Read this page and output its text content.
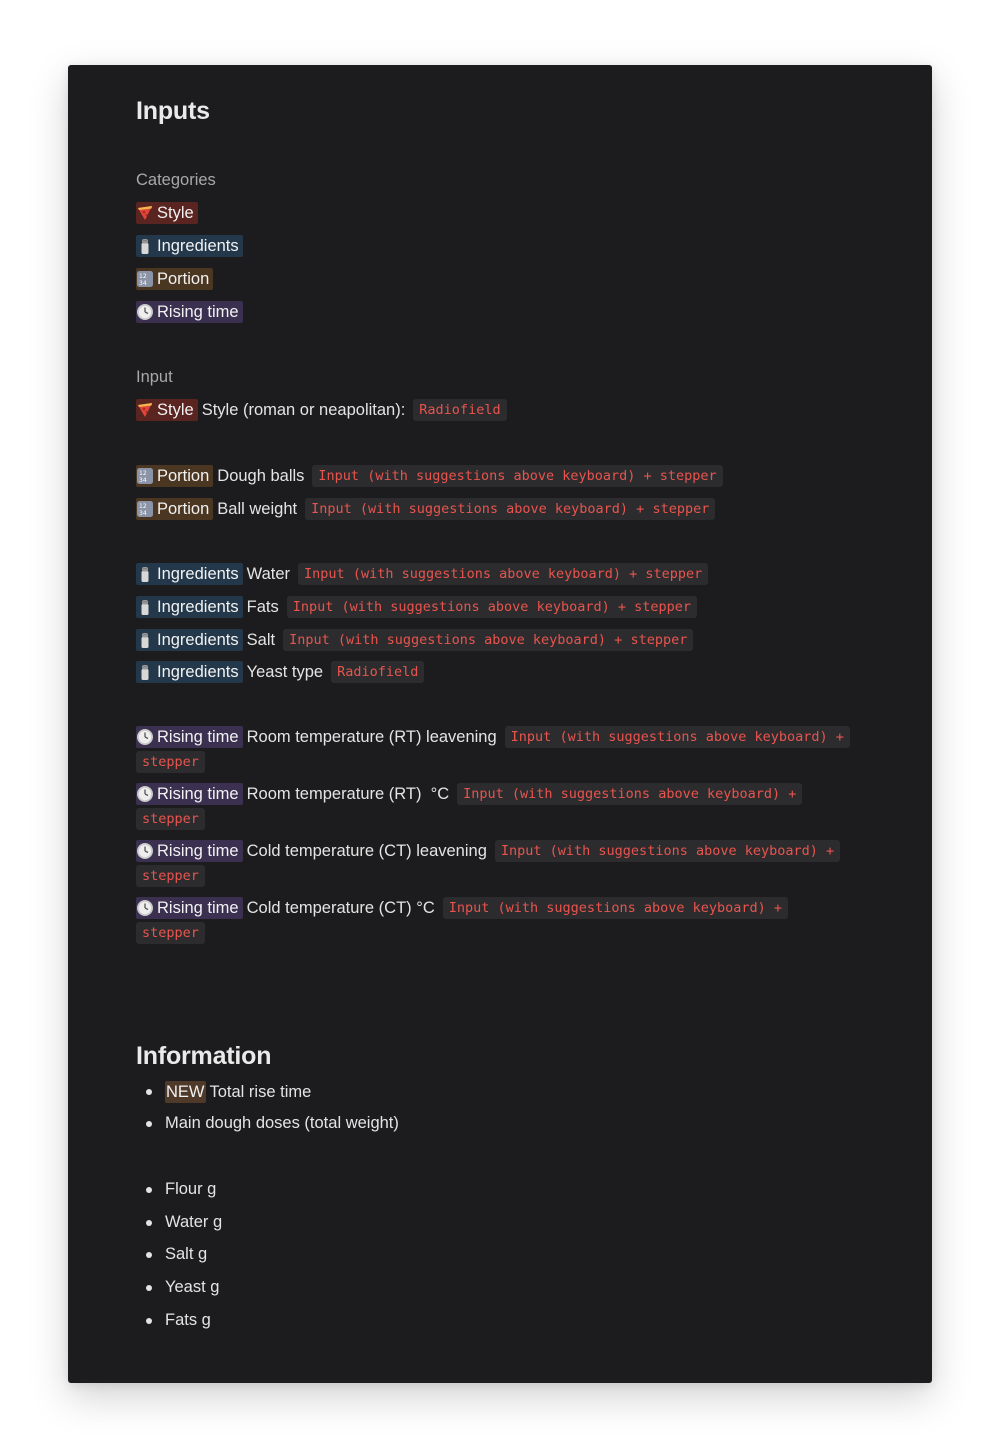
Inputs
Categories
Style
Ingredients
Portion
Rising time
Input
Style Style (roman or neapolitan):	Radiofield
Portion Dough balls	Input (with suggestions above keyboard) + stepper
Portion Ball weight	Input (with suggestions above keyboard) + stepper
Ingredients Water	Input (with suggestions above keyboard) + stepper
Ingredients Fats	Input (with suggestions above keyboard) + stepper
Ingredients Salt	Input (with suggestions above keyboard) + stepper
Ingredients Yeast type	Radiofield
Rising time Room temperature (RT) leavening	Input (with suggestions above keyboard) +
stepper
Rising time Room temperature (RT)  °C	Input (with suggestions above keyboard) +
stepper
Rising time Cold temperature (CT) leavening	Input (with suggestions above keyboard) +
stepper
Rising time Cold temperature (CT) °C	Input (with suggestions above keyboard) +
stepper
Information
NEW Total rise time
Main dough doses (total weight)
Flour g
Water g
Salt g
Yeast g
Fats g
